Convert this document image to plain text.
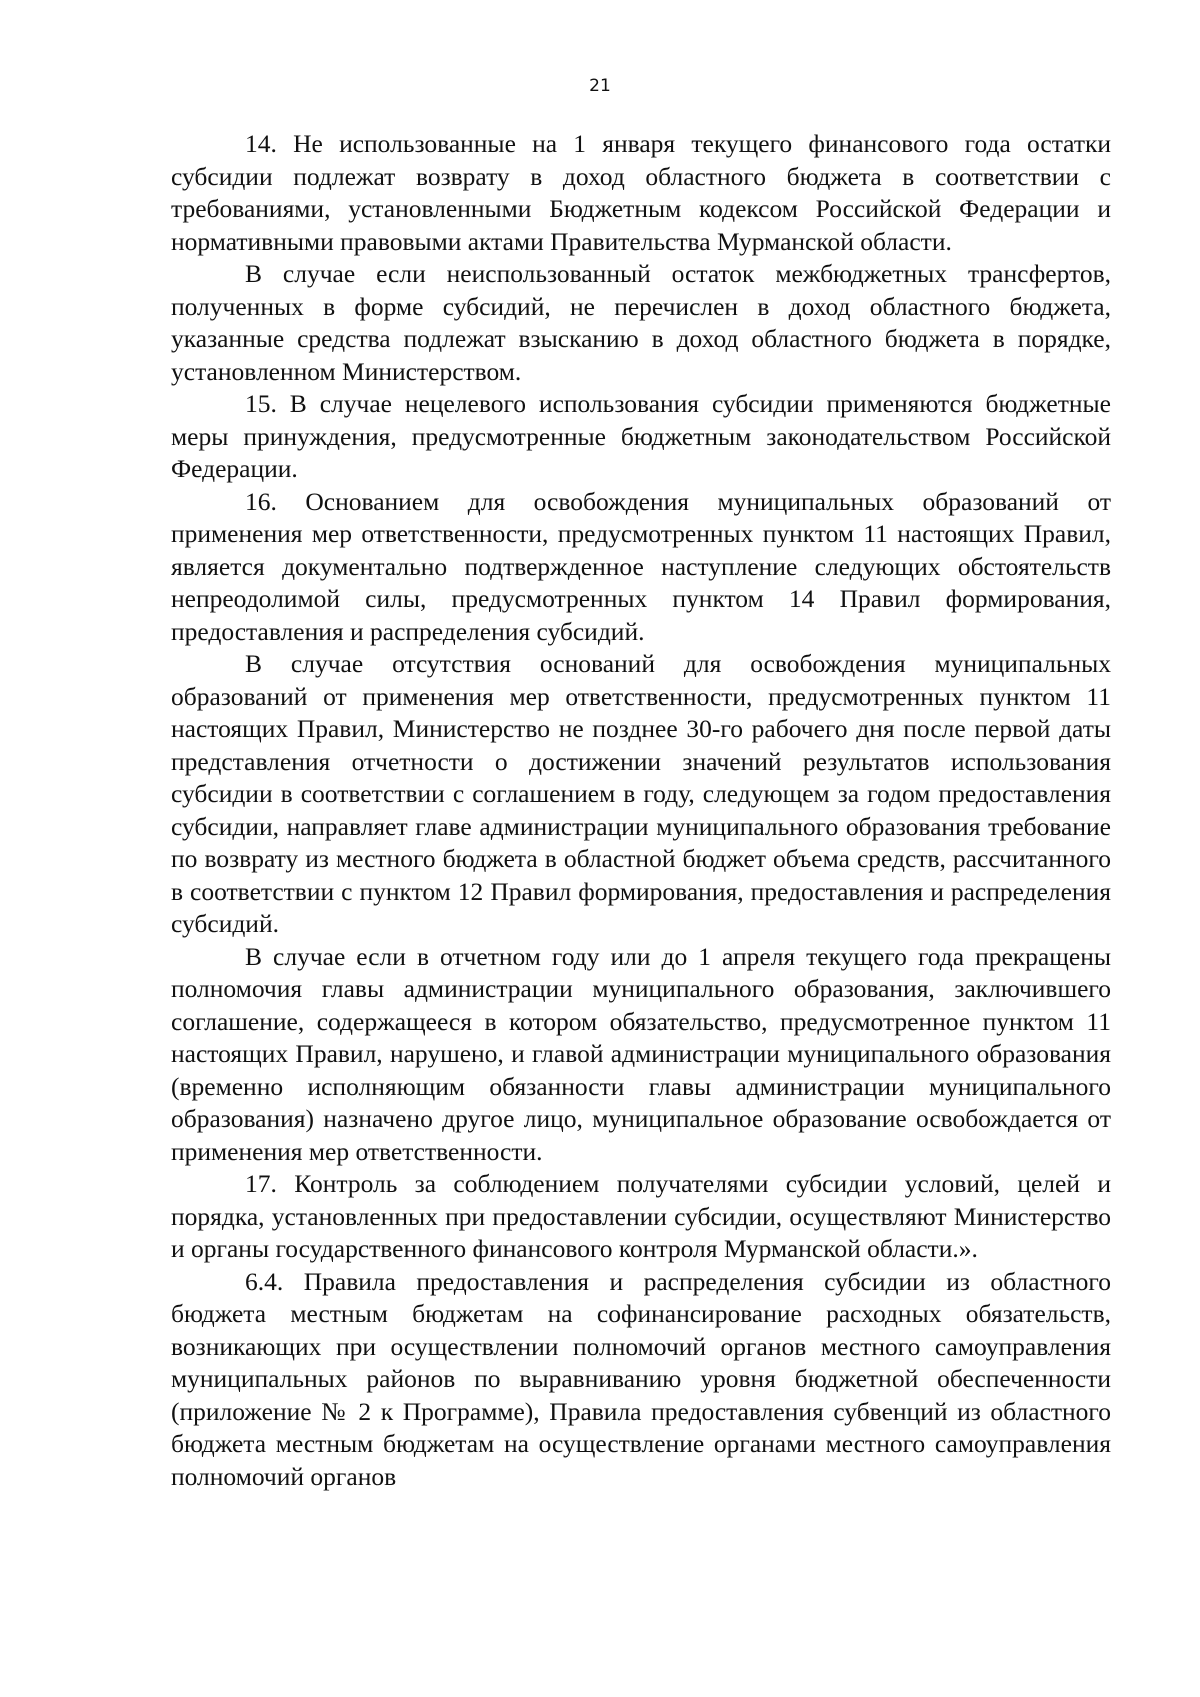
21

14. Не использованные на 1 января текущего финансового года остатки субсидии подлежат возврату в доход областного бюджета в соответствии с требованиями, установленными Бюджетным кодексом Российской Федерации и нормативными правовыми актами Правительства Мурманской области.

В случае если неиспользованный остаток межбюджетных трансфертов, полученных в форме субсидий, не перечислен в доход областного бюджета, указанные средства подлежат взысканию в доход областного бюджета в порядке, установленном Министерством.

15. В случае нецелевого использования субсидии применяются бюджетные меры принуждения, предусмотренные бюджетным законодательством Российской Федерации.

16. Основанием для освобождения муниципальных образований от применения мер ответственности, предусмотренных пунктом 11 настоящих Правил, является документально подтвержденное наступление следующих обстоятельств непреодолимой силы, предусмотренных пунктом 14 Правил формирования, предоставления и распределения субсидий.

В случае отсутствия оснований для освобождения муниципальных образований от применения мер ответственности, предусмотренных пунктом 11 настоящих Правил, Министерство не позднее 30-го рабочего дня после первой даты представления отчетности о достижении значений результатов использования субсидии в соответствии с соглашением в году, следующем за годом предоставления субсидии, направляет главе администрации муниципального образования требование по возврату из местного бюджета в областной бюджет объема средств, рассчитанного в соответствии с пунктом 12 Правил формирования, предоставления и распределения субсидий.

В случае если в отчетном году или до 1 апреля текущего года прекращены полномочия главы администрации муниципального образования, заключившего соглашение, содержащееся в котором обязательство, предусмотренное пунктом 11 настоящих Правил, нарушено, и главой администрации муниципального образования (временно исполняющим обязанности главы администрации муниципального образования) назначено другое лицо, муниципальное образование освобождается от применения мер ответственности.

17. Контроль за соблюдением получателями субсидии условий, целей и порядка, установленных при предоставлении субсидии, осуществляют Министерство и органы государственного финансового контроля Мурманской области.».

6.4. Правила предоставления и распределения субсидии из областного бюджета местным бюджетам на софинансирование расходных обязательств, возникающих при осуществлении полномочий органов местного самоуправления муниципальных районов по выравниванию уровня бюджетной обеспеченности (приложение № 2 к Программе), Правила предоставления субвенций из областного бюджета местным бюджетам на осуществление органами местного самоуправления полномочий органов
